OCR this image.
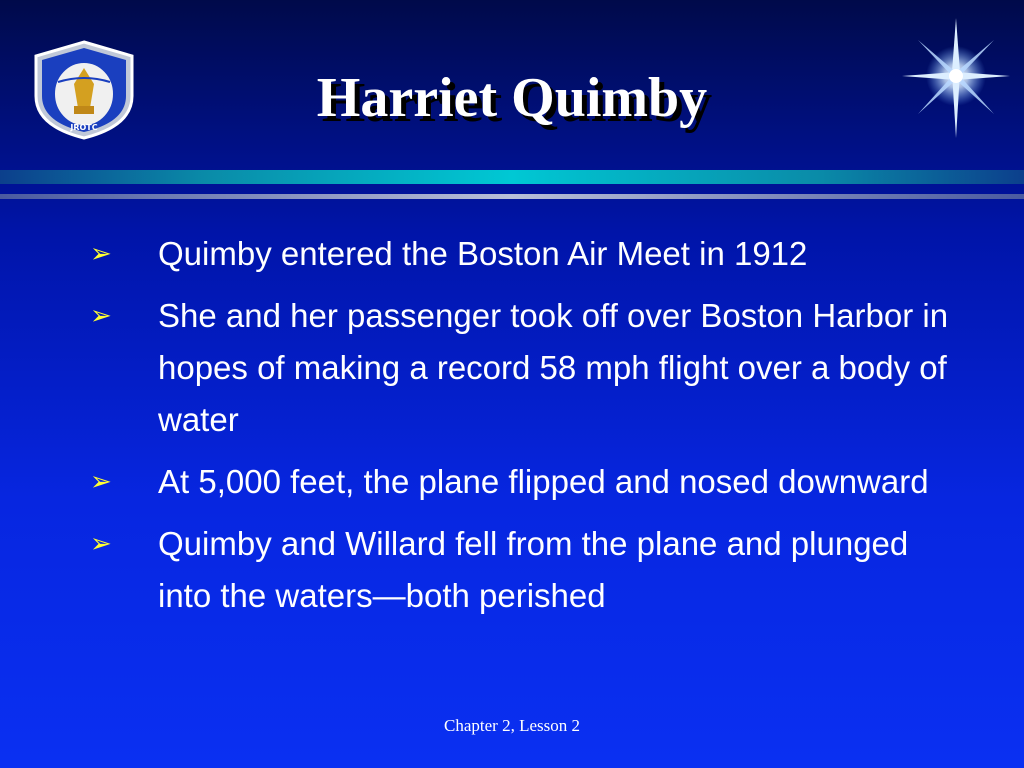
JROTC	Harriet Quimby
➢	Quimby entered the Boston Air Meet in 1912
➢	She and her passenger took off over Boston Harbor in hopes of making a record 58 mph flight over a body of water
➢	At 5,000 feet, the plane flipped and nosed downward
➢	Quimby and Willard fell from the plane and plunged into the waters—both perished
Chapter 2, Lesson 2
